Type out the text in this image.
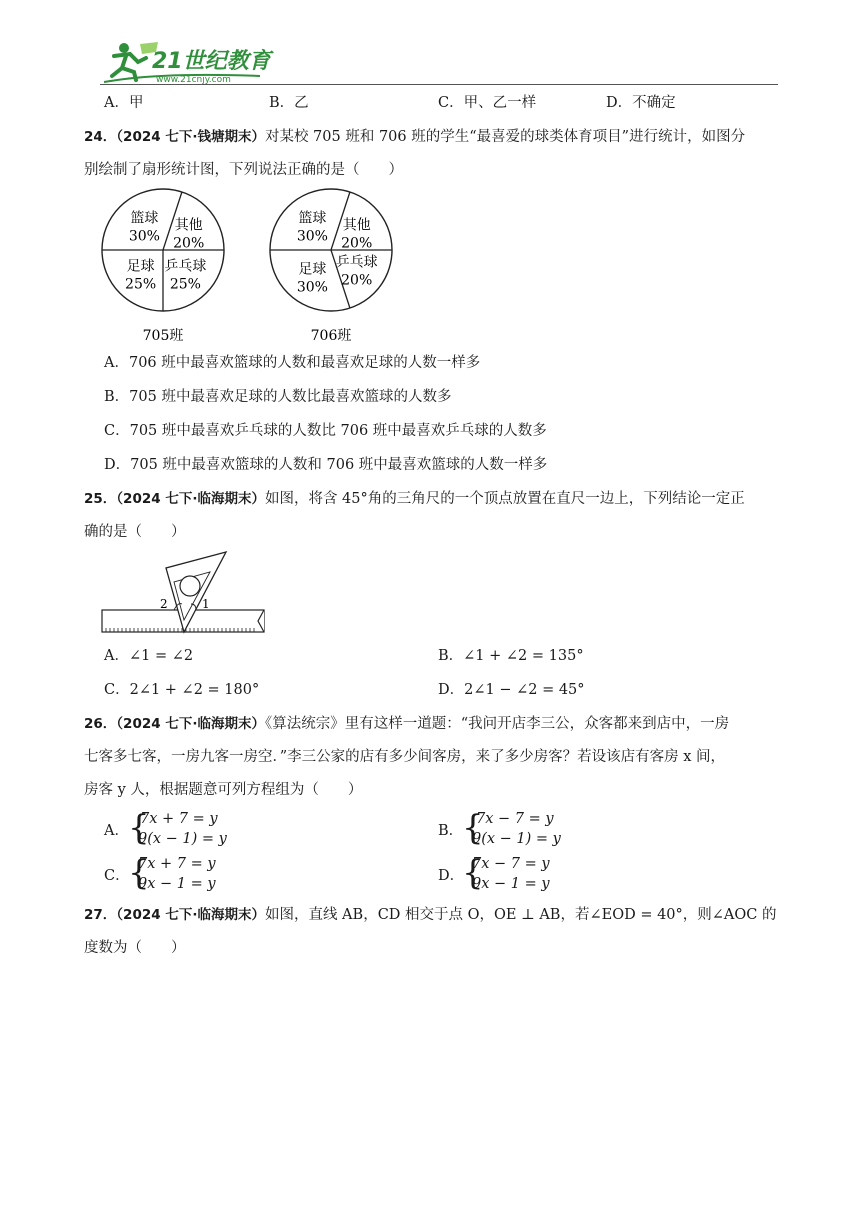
21世纪教育
www.21cnjy.com
A．甲	B．乙	C．甲、乙一样	D．不确定
24．（2024 七下·钱塘期末）对某校 705 班和 706 班的学生“最喜爱的球类体育项目”进行统计，如图分
别绘制了扇形统计图，下列说法正确的是（　　）
篮球
30%
其他
20%
乒乓球
25%
足球
25%
篮球
30%
其他
20%
乒乓球
20%
足球
30%
705班	706班
A．706 班中最喜欢篮球的人数和最喜欢足球的人数一样多
B．705 班中最喜欢足球的人数比最喜欢篮球的人数多
C．705 班中最喜欢乒乓球的人数比 706 班中最喜欢乒乓球的人数多
D．705 班中最喜欢篮球的人数和 706 班中最喜欢篮球的人数一样多
25．（2024 七下·临海期末）如图，将含 45°角的三角尺的一个顶点放置在直尺一边上，下列结论一定正
确的是（　　）
2	1
A．∠1 = ∠2	B．∠1 + ∠2 = 135°
C．2∠1 + ∠2 = 180°	D．2∠1 − ∠2 = 45°
26．（2024 七下·临海期末）《算法统宗》里有这样一道题：“我问开店李三公，众客都来到店中，一房
七客多七客，一房九客一房空．”李三公家的店有多少间客房，来了多少房客？若设该店有客房 x 间，
房客 y 人，根据题意可列方程组为（　　）
A． {
7x + 7 = y
9(x − 1) = y	B．
{
7x − 7 = y
9(x − 1) = y
C．
{
7x + 7 = y
9x − 1 = y	D．
{
7x − 7 = y
9x − 1 = y
27．（2024 七下·临海期末）如图，直线 AB，CD 相交于点 O，OE ⊥ AB，若∠EOD = 40°，则∠AOC 的
度数为（　　）
